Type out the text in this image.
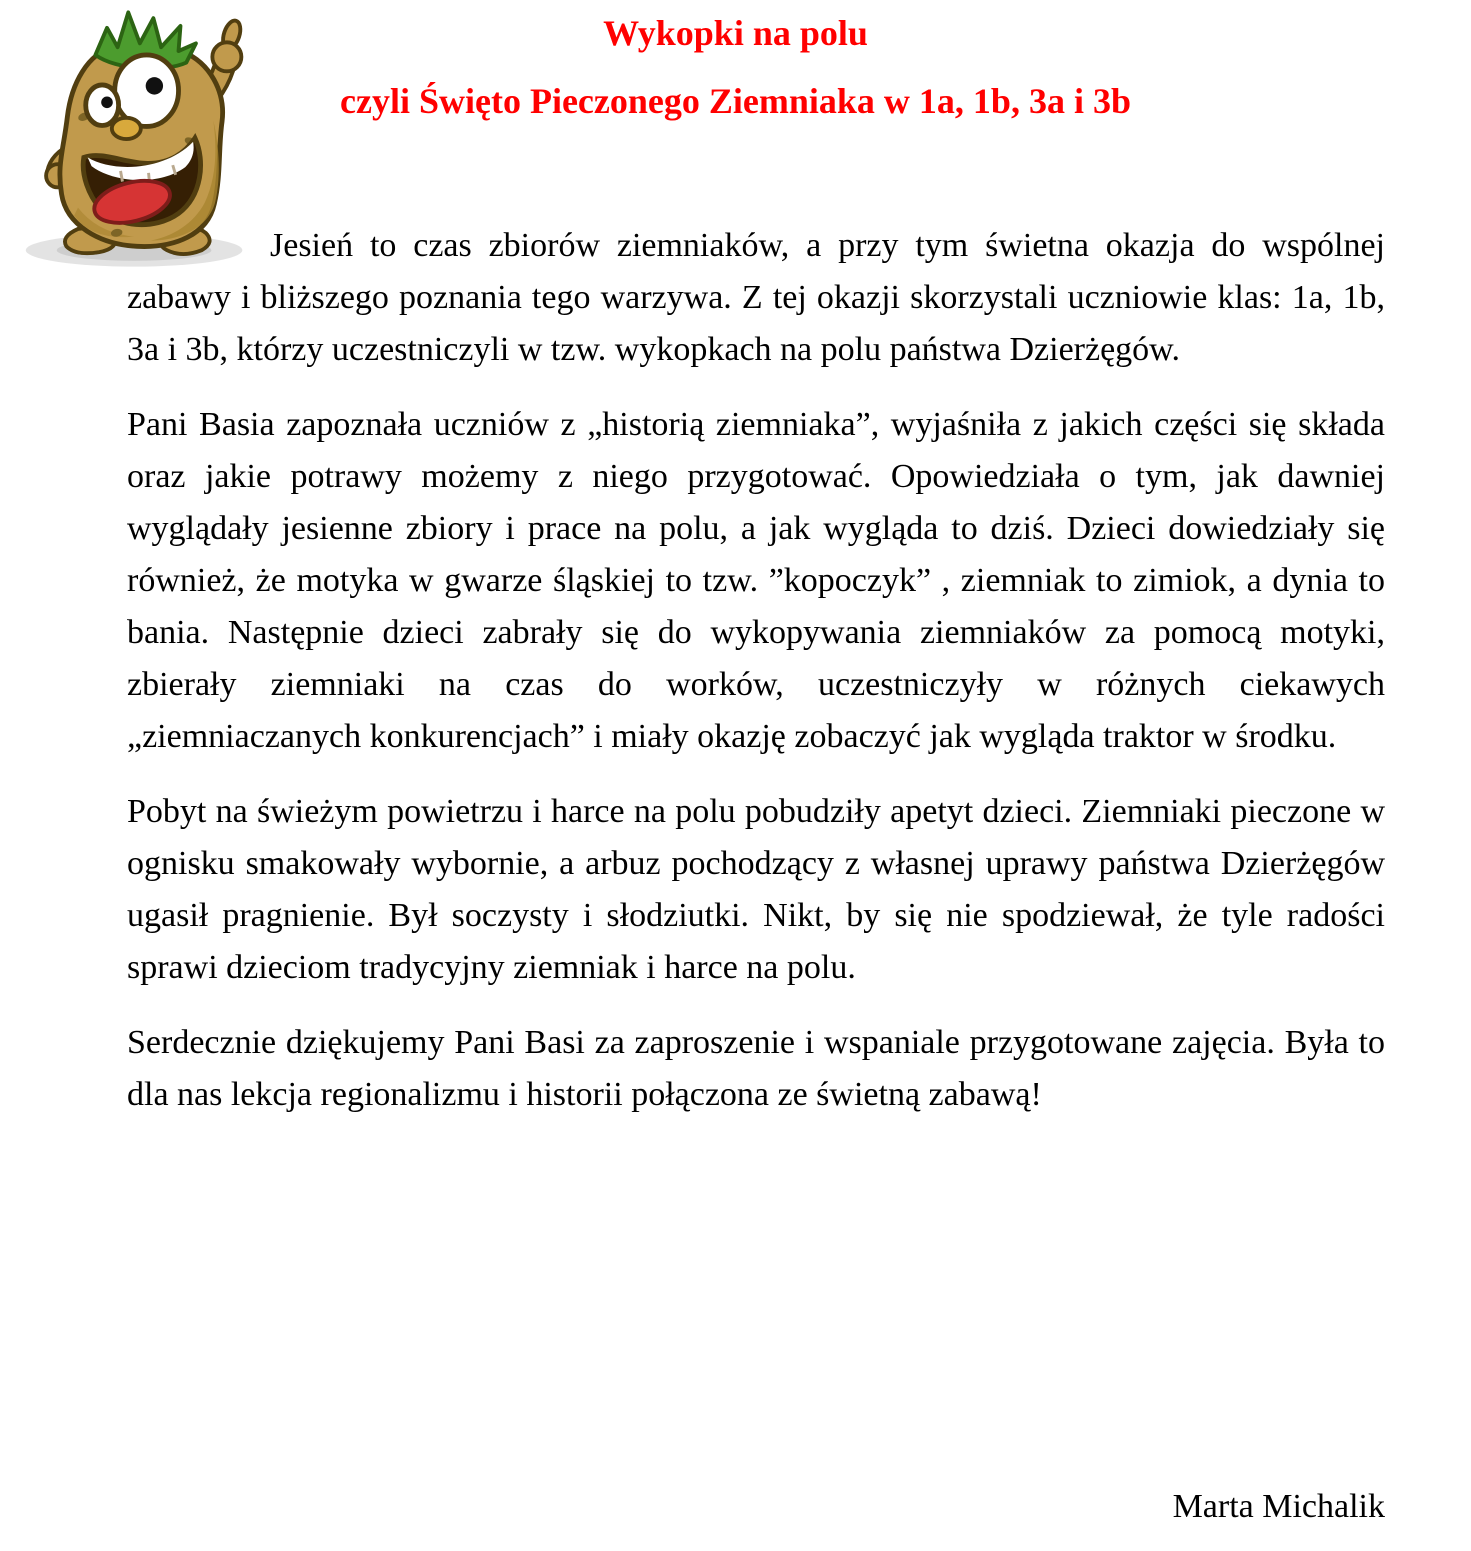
Wykopki na polu
czyli Święto Pieczonego Ziemniaka w 1a, 1b, 3a i 3b

Jesień to czas zbiorów ziemniaków, a przy tym świetna okazja do wspólnej zabawy i bliższego poznania tego warzywa. Z tej okazji skorzystali uczniowie klas: 1a, 1b, 3a i 3b, którzy uczestniczyli w tzw. wykopkach na polu państwa Dzierżęgów.

Pani Basia zapoznała uczniów z „historią ziemniaka”, wyjaśniła z jakich części się składa oraz jakie potrawy możemy z niego przygotować. Opowiedziała o tym, jak dawniej wyglądały jesienne zbiory i prace na polu, a jak wygląda to dziś. Dzieci dowiedziały się również, że motyka w gwarze śląskiej to tzw. ”kopoczyk” , ziemniak to zimiok, a dynia to bania. Następnie dzieci zabrały się do wykopywania ziemniaków za pomocą motyki, zbierały ziemniaki na czas do worków, uczestniczyły w różnych ciekawych „ziemniaczanych konkurencjach” i miały okazję zobaczyć jak wygląda traktor w środku.

Pobyt na świeżym powietrzu i harce na polu pobudziły apetyt dzieci. Ziemniaki pieczone w ognisku smakowały wybornie, a arbuz pochodzący z własnej uprawy państwa Dzierżęgów ugasił pragnienie. Był soczysty i słodziutki. Nikt, by się nie spodziewał, że tyle radości sprawi dzieciom tradycyjny ziemniak i harce na polu.

Serdecznie dziękujemy Pani Basi za zaproszenie i wspaniale przygotowane zajęcia. Była to dla nas lekcja regionalizmu i historii połączona ze świetną zabawą!

Marta Michalik
